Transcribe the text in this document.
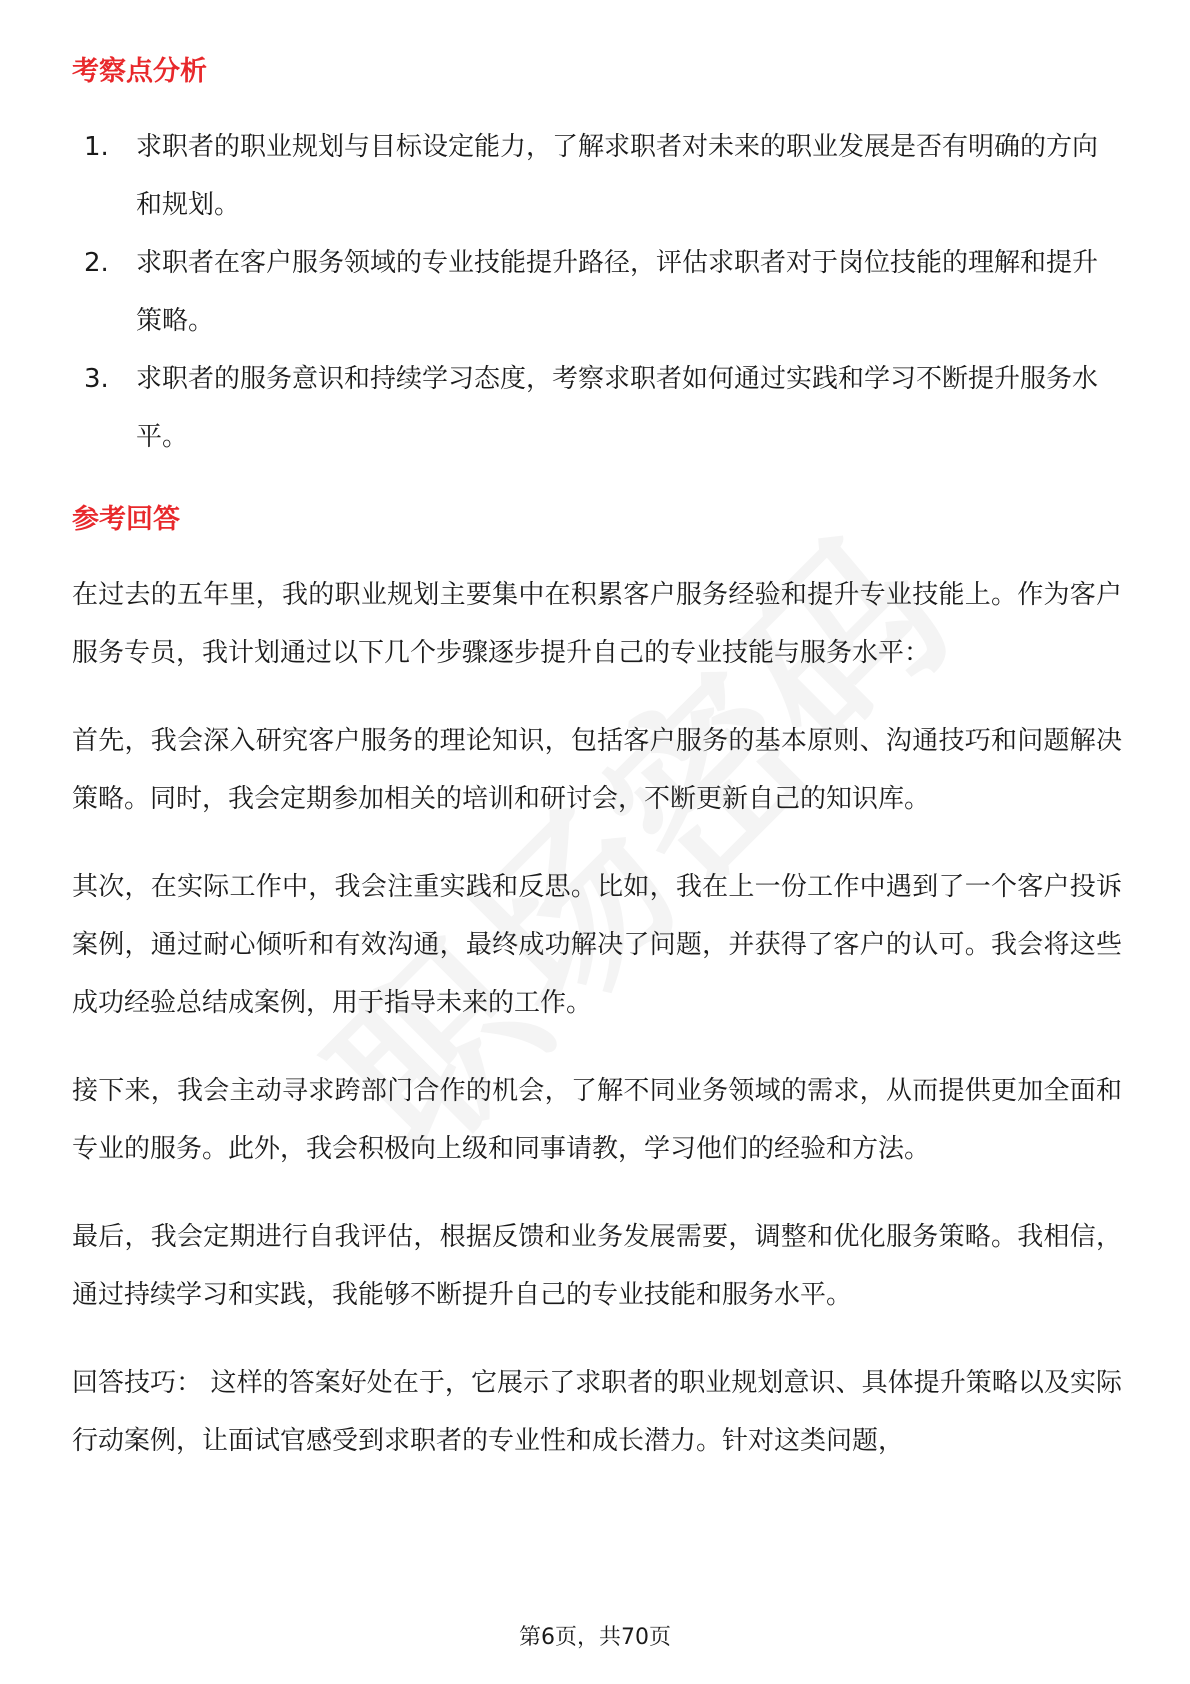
考察点分析
1.	求职者的职业规划与目标设定能力，了解求职者对未来的职业发展是否有明确的方向和规划。
2.	求职者在客户服务领域的专业技能提升路径，评估求职者对于岗位技能的理解和提升策略。
3.	求职者的服务意识和持续学习态度，考察求职者如何通过实践和学习不断提升服务水平。
参考回答

在过去的五年里，我的职业规划主要集中在积累客户服务经验和提升专业技能上。作为客户服务专员，我计划通过以下几个步骤逐步提升自己的专业技能与服务水平：

首先，我会深入研究客户服务的理论知识，包括客户服务的基本原则、沟通技巧和问题解决策略。同时，我会定期参加相关的培训和研讨会，不断更新自己的知识库。

其次，在实际工作中，我会注重实践和反思。比如，我在上一份工作中遇到了一个客户投诉案例，通过耐心倾听和有效沟通，最终成功解决了问题，并获得了客户的认可。我会将这些成功经验总结成案例，用于指导未来的工作。

接下来，我会主动寻求跨部门合作的机会，了解不同业务领域的需求，从而提供更加全面和专业的服务。此外，我会积极向上级和同事请教，学习他们的经验和方法。

最后，我会定期进行自我评估，根据反馈和业务发展需要，调整和优化服务策略。我相信，通过持续学习和实践，我能够不断提升自己的专业技能和服务水平。

回答技巧： 这样的答案好处在于，它展示了求职者的职业规划意识、具体提升策略以及实际行动案例，让面试官感受到求职者的专业性和成长潜力。针对这类问题，

第6页，共70页
